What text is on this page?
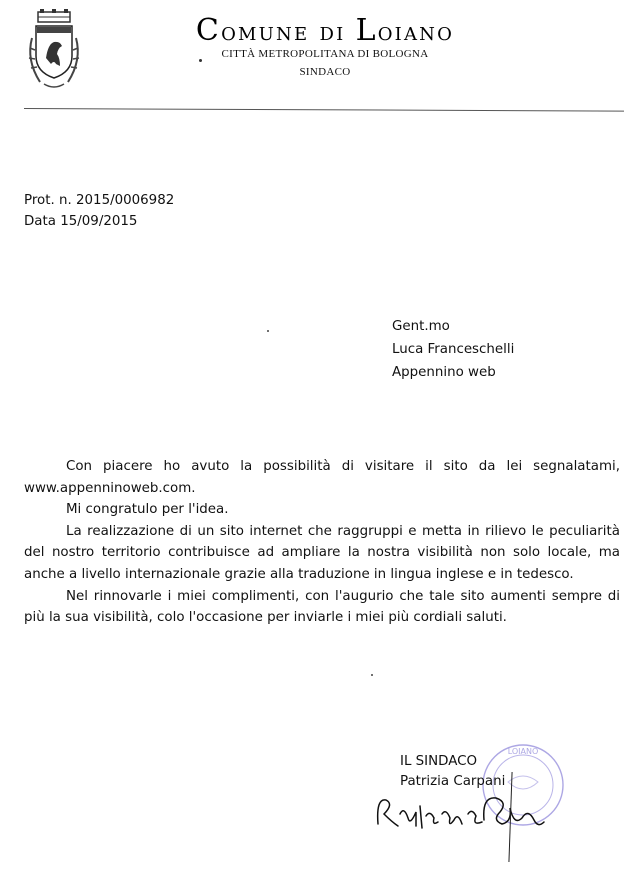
Comune di Loiano
CITTÀ METROPOLITANA DI BOLOGNA
SINDACO
Prot. n. 2015/0006982
Data 15/09/2015
Gent.mo
Luca Franceschelli
Appennino web

Con piacere ho avuto la possibilità di visitare il sito da lei segnalatami, www.appenninoweb.com.

Mi congratulo per l'idea.

La realizzazione di un sito internet che raggruppi e metta in rilievo le peculiarità del nostro territorio contribuisce ad ampliare la nostra visibilità non solo locale, ma anche a livello internazionale grazie alla traduzione in lingua inglese e in tedesco.

Nel rinnovarle i miei complimenti, con l'augurio che tale sito aumenti sempre di più la sua visibilità, colo l'occasione per inviarle i miei più cordiali saluti.

LOIANO
IL SINDACO
Patrizia Carpani
